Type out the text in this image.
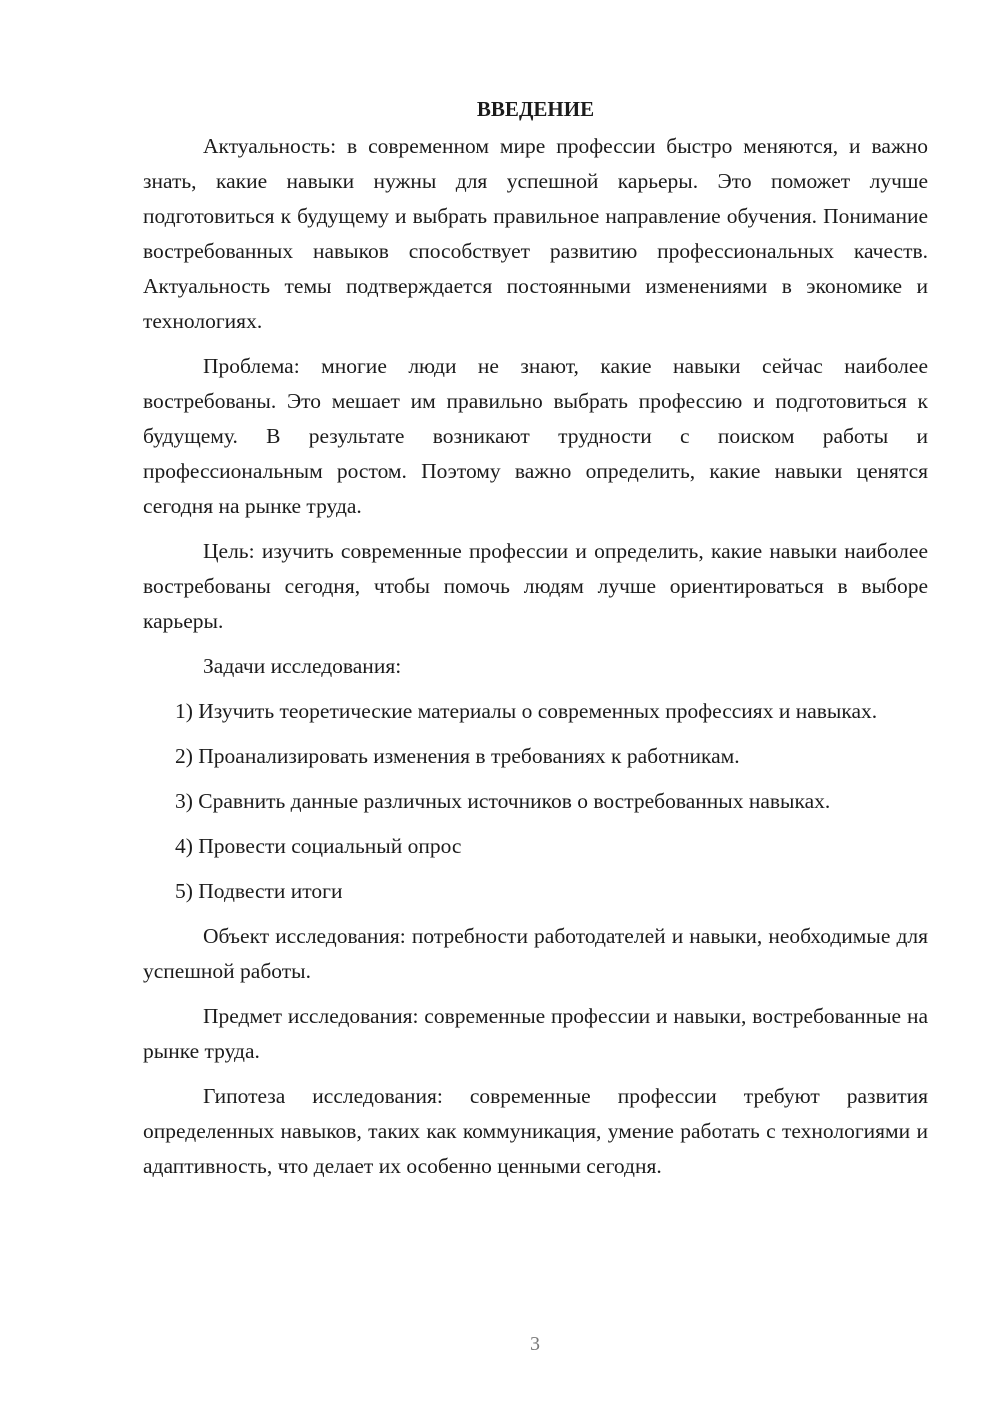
ВВЕДЕНИЕ

Актуальность: в современном мире профессии быстро меняются, и важно знать, какие навыки нужны для успешной карьеры. Это поможет лучше подготовиться к будущему и выбрать правильное направление обучения. Понимание востребованных навыков способствует развитию профессиональных качеств. Актуальность темы подтверждается постоянными изменениями в экономике и технологиях.

Проблема: многие люди не знают, какие навыки сейчас наиболее востребованы. Это мешает им правильно выбрать профессию и подготовиться к будущему. В результате возникают трудности с поиском работы и профессиональным ростом. Поэтому важно определить, какие навыки ценятся сегодня на рынке труда.

Цель: изучить современные профессии и определить, какие навыки наиболее востребованы сегодня, чтобы помочь людям лучше ориентироваться в выборе карьеры.

Задачи исследования:

1) Изучить теоретические материалы о современных профессиях и навыках.

2) Проанализировать изменения в требованиях к работникам.

3) Сравнить данные различных источников о востребованных навыках.

4) Провести социальный опрос

5) Подвести итоги

Объект исследования: потребности работодателей и навыки, необходимые для успешной работы.

Предмет исследования: современные профессии и навыки, востребованные на рынке труда.

Гипотеза исследования: современные профессии требуют развития определенных навыков, таких как коммуникация, умение работать с технологиями и адаптивность, что делает их особенно ценными сегодня.

3
